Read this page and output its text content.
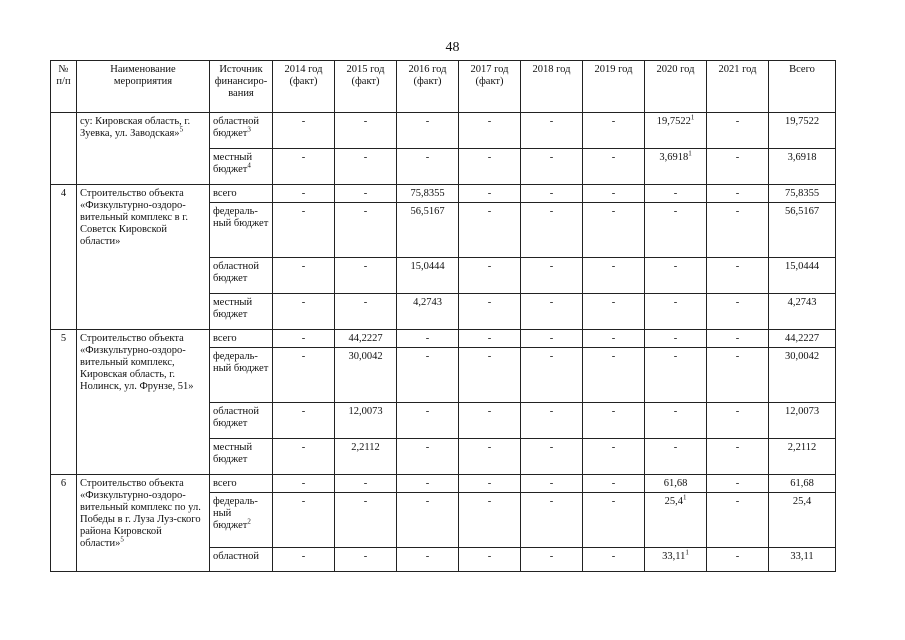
48
№ п/п	Наименование мероприятия	Источник финансиро-вания	2014 год (факт)	2015 год (факт)	2016 год (факт)	2017 год (факт)	2018 год	2019 год	2020 год	2021 год	Всего
	су: Кировская область, г. Зуевка, ул. Заводская»$^5$	областной бюджет$^3$	-	-	-	-	-	-	19,7522$^1$	-	19,7522
		местный бюджет$^4$	-	-	-	-	-	-	3,6918$^1$	-	3,6918
4	Строительство объекта «Физкультурно-оздоро-вительный комплекс в г. Советск Кировской области»	всего	-	-	75,8355	-	-	-	-	-	75,8355
		федераль-ный бюджет	-	-	56,5167	-	-	-	-	-	56,5167
		областной бюджет	-	-	15,0444	-	-	-	-	-	15,0444
		местный бюджет	-	-	4,2743	-	-	-	-	-	4,2743
5	Строительство объекта «Физкультурно-оздоро-вительный комплекс, Кировская область, г. Нолинск, ул. Фрунзе, 51»	всего	-	44,2227	-	-	-	-	-	-	44,2227
		федераль-ный бюджет	-	30,0042	-	-	-	-	-	-	30,0042
		областной бюджет	-	12,0073	-	-	-	-	-	-	12,0073
		местный бюджет	-	2,2112	-	-	-	-	-	-	2,2112
6	Строительство объекта «Физкультурно-оздоро-вительный комплекс по ул. Победы в г. Луза Луз-ского района Кировской области»$^5$	всего	-	-	-	-	-	-	61,68	-	61,68
		федераль-ный бюджет$^2$	-	-	-	-	-	-	25,4$^1$	-	25,4
		областной	-	-	-	-	-	-	33,11$^1$	-	33,11
